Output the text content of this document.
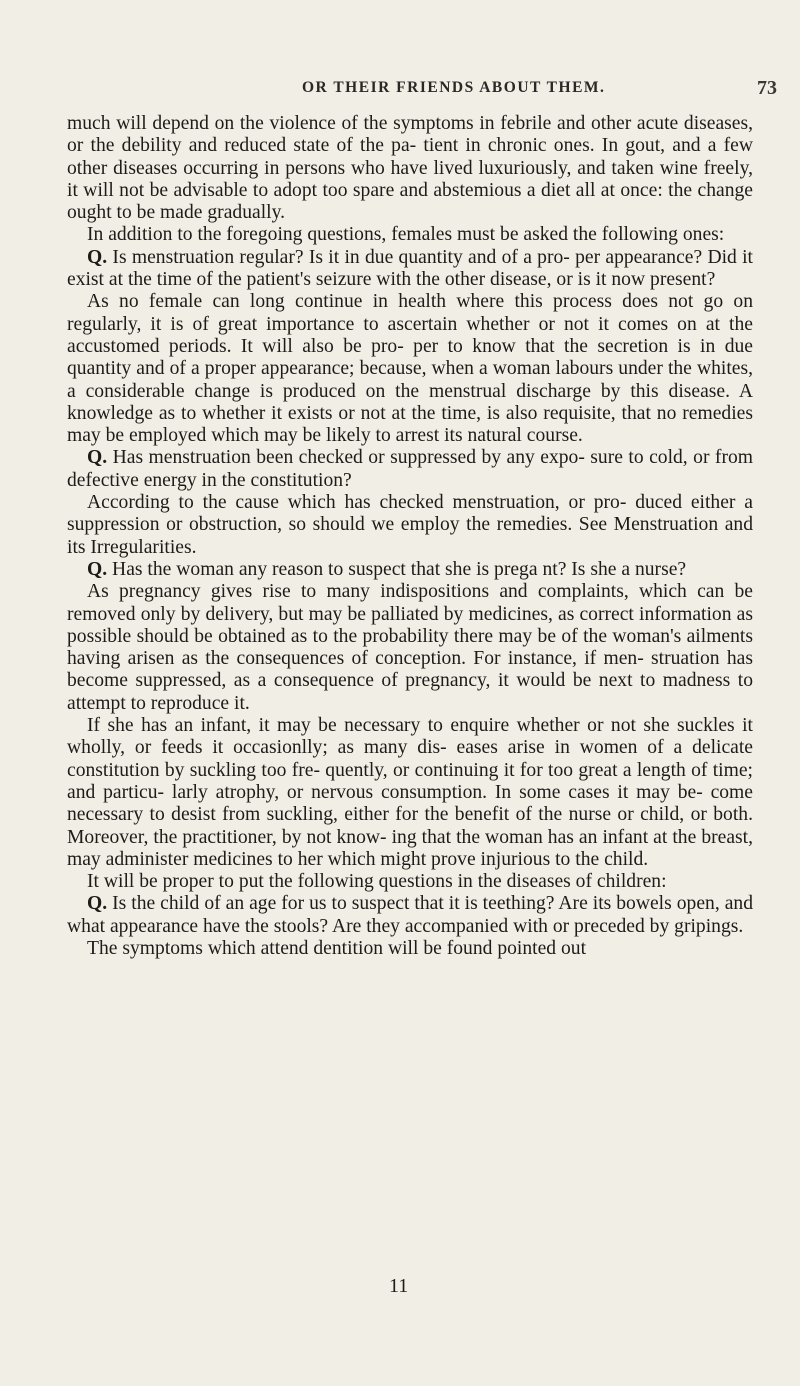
OR THEIR FRIENDS ABOUT THEM.	73

much will depend on the violence of the symptoms in febrile and other acute diseases, or the debility and reduced state of the pa- tient in chronic ones. In gout, and a few other diseases occurring in persons who have lived luxuriously, and taken wine freely, it will not be advisable to adopt too spare and abstemious a diet all at once: the change ought to be made gradually.

In addition to the foregoing questions, females must be asked the following ones:

Q. Is menstruation regular? Is it in due quantity and of a pro- per appearance? Did it exist at the time of the patient's seizure with the other disease, or is it now present?

As no female can long continue in health where this process does not go on regularly, it is of great importance to ascertain whether or not it comes on at the accustomed periods. It will also be pro- per to know that the secretion is in due quantity and of a proper appearance; because, when a woman labours under the whites, a considerable change is produced on the menstrual discharge by this disease. A knowledge as to whether it exists or not at the time, is also requisite, that no remedies may be employed which may be likely to arrest its natural course.

Q. Has menstruation been checked or suppressed by any expo- sure to cold, or from defective energy in the constitution?

According to the cause which has checked menstruation, or pro- duced either a suppression or obstruction, so should we employ the remedies. See Menstruation and its Irregularities.

Q. Has the woman any reason to suspect that she is prega nt? Is she a nurse?

As pregnancy gives rise to many indispositions and complaints, which can be removed only by delivery, but may be palliated by medicines, as correct information as possible should be obtained as to the probability there may be of the woman's ailments having arisen as the consequences of conception. For instance, if men- struation has become suppressed, as a consequence of pregnancy, it would be next to madness to attempt to reproduce it.

If she has an infant, it may be necessary to enquire whether or not she suckles it wholly, or feeds it occasionlly; as many dis- eases arise in women of a delicate constitution by suckling too fre- quently, or continuing it for too great a length of time; and particu- larly atrophy, or nervous consumption. In some cases it may be- come necessary to desist from suckling, either for the benefit of the nurse or child, or both. Moreover, the practitioner, by not know- ing that the woman has an infant at the breast, may administer medicines to her which might prove injurious to the child.

It will be proper to put the following questions in the diseases of children:

Q. Is the child of an age for us to suspect that it is teething? Are its bowels open, and what appearance have the stools? Are they accompanied with or preceded by gripings.

The symptoms which attend dentition will be found pointed out

11
